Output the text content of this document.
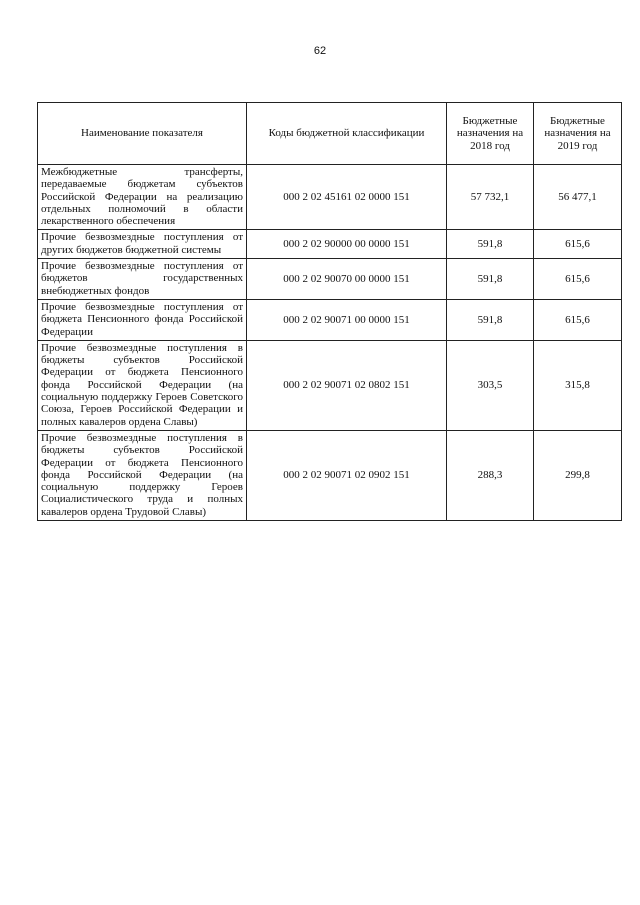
62
Наименование показателя	Коды бюджетной классификации	Бюджетные назначения на 2018 год	Бюджетные назначения на 2019 год
Межбюджетные трансферты, передаваемые бюджетам субъектов Российской Федерации на реализацию отдельных полномочий в области лекарственного обеспечения	000 2 02 45161 02 0000 151	57 732,1	56 477,1
Прочие безвозмездные поступления от других бюджетов бюджетной системы	000 2 02 90000 00 0000 151	591,8	615,6
Прочие безвозмездные поступления от бюджетов государственных внебюджетных фондов	000 2 02 90070 00 0000 151	591,8	615,6
Прочие безвозмездные поступления от бюджета Пенсионного фонда Российской Федерации	000 2 02 90071 00 0000 151	591,8	615,6
Прочие безвозмездные поступления в бюджеты субъектов Российской Федерации от бюджета Пенсионного фонда Российской Федерации (на социальную поддержку Героев Советского Союза, Героев Российской Федерации и полных кавалеров ордена Славы)	000 2 02 90071 02 0802 151	303,5	315,8
Прочие безвозмездные поступления в бюджеты субъектов Российской Федерации от бюджета Пенсионного фонда Российской Федерации (на социальную поддержку Героев Социалистического труда и полных кавалеров ордена Трудовой Славы)	000 2 02 90071 02 0902 151	288,3	299,8
